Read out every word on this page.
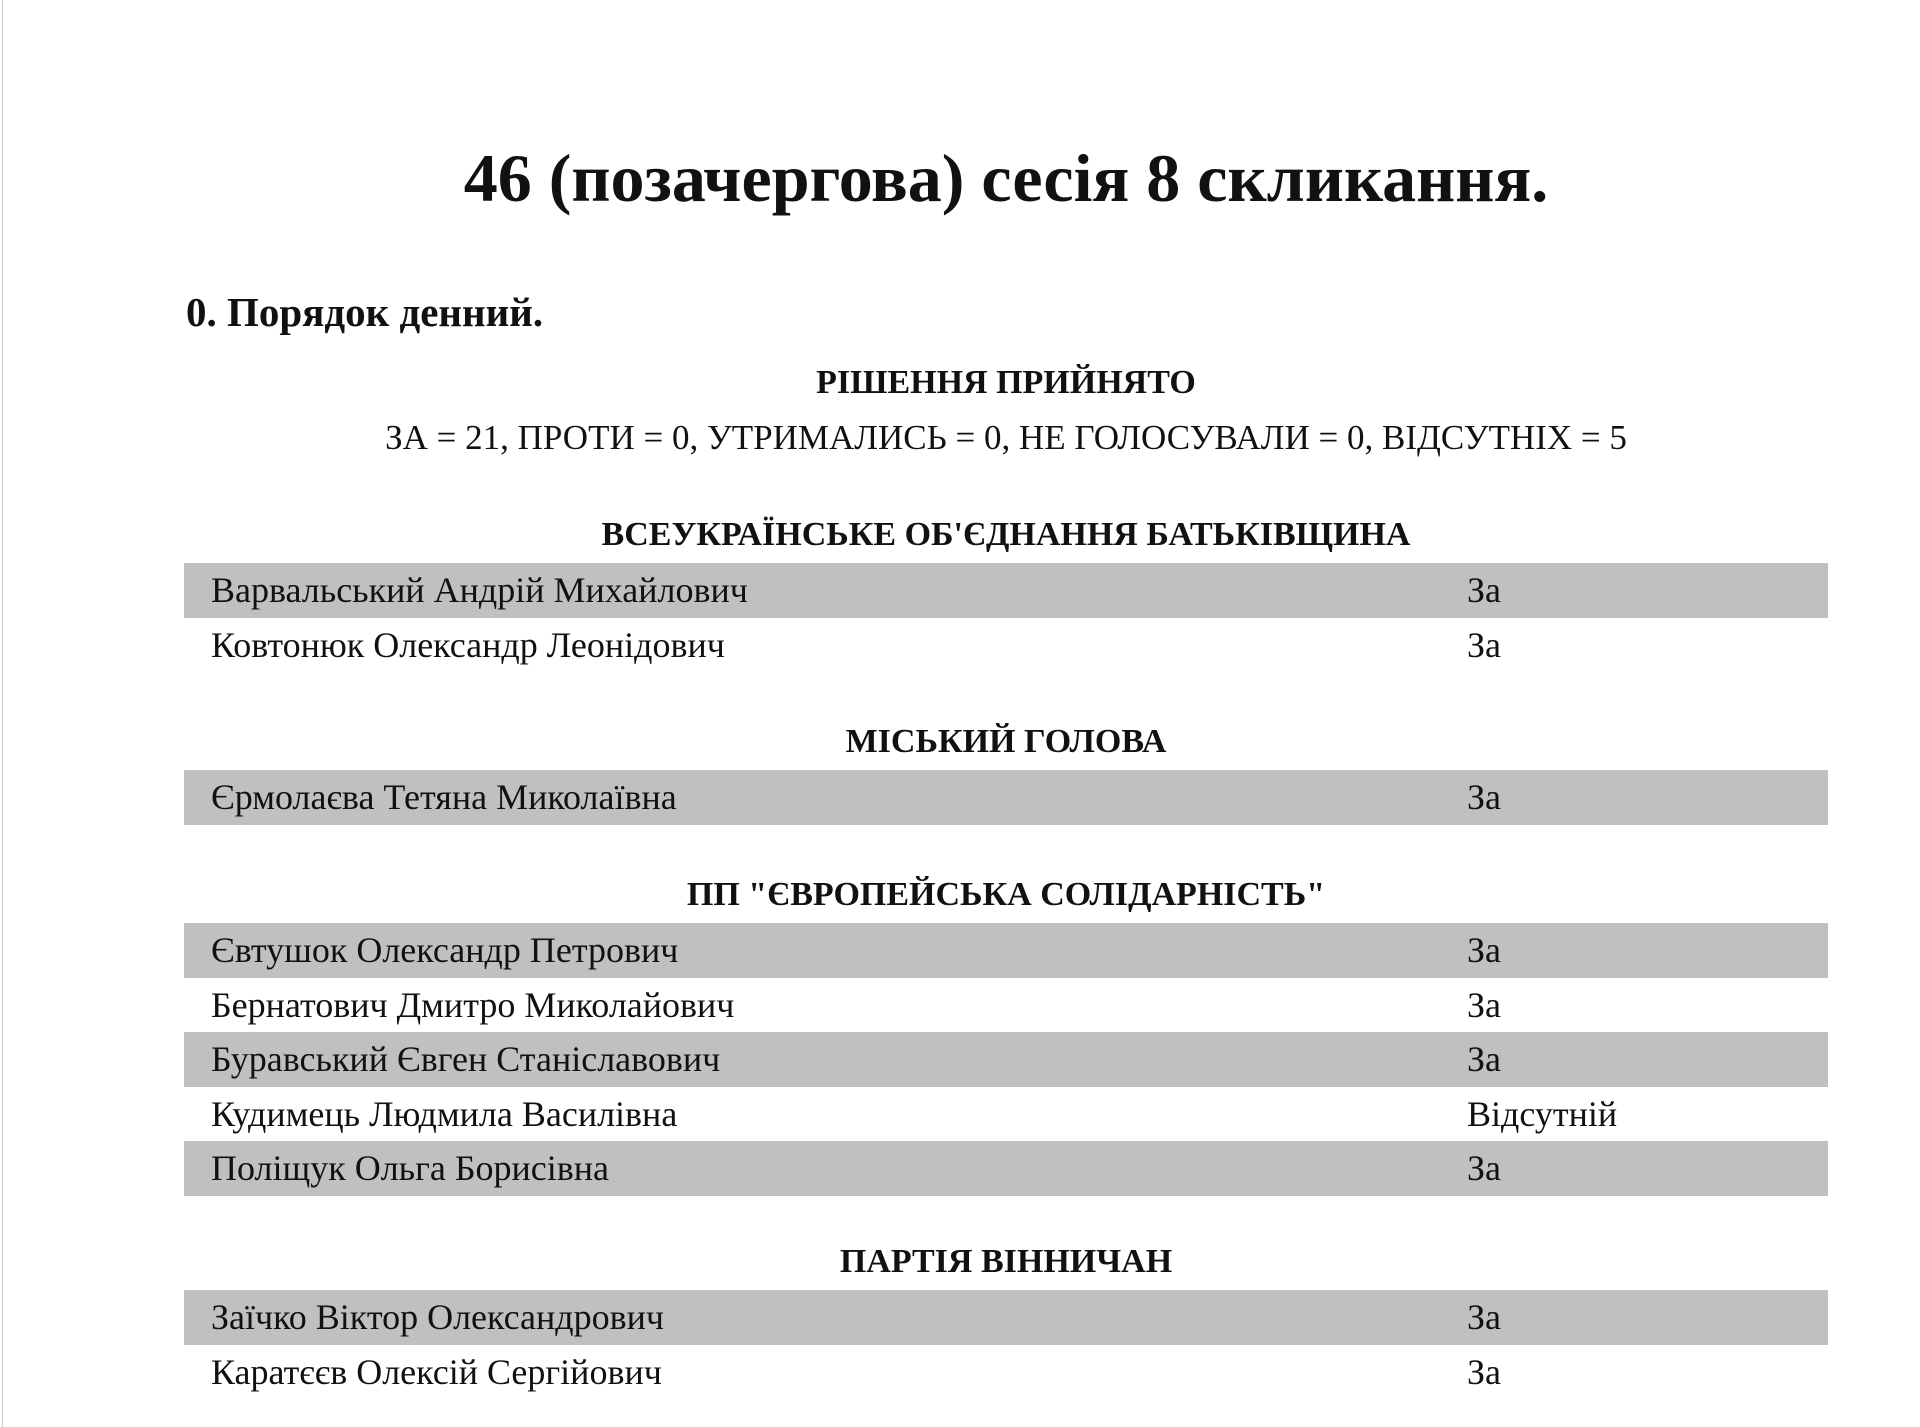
46 (позачергова) сесія 8 скликання.
0. Порядок денний.
РІШЕННЯ ПРИЙНЯТО
ЗА = 21, ПРОТИ = 0, УТРИМАЛИСЬ = 0, НЕ ГОЛОСУВАЛИ = 0, ВІДСУТНІХ = 5
ВСЕУКРАЇНСЬКЕ ОБ'ЄДНАННЯ БАТЬКІВЩИНА
Варвальський Андрій Михайлович	За
Ковтонюк Олександр Леонідович	За
МІСЬКИЙ ГОЛОВА
Єрмолаєва Тетяна Миколаївна	За
ПП "ЄВРОПЕЙСЬКА СОЛІДАРНІСТЬ"
Євтушок Олександр Петрович	За
Бернатович Дмитро Миколайович	За
Буравський Євген Станіславович	За
Кудимець Людмила Василівна	Відсутній
Поліщук Ольга Борисівна	За
ПАРТІЯ ВІННИЧАН
Заїчко Віктор Олександрович	За
Каратєєв Олексій Сергійович	За
